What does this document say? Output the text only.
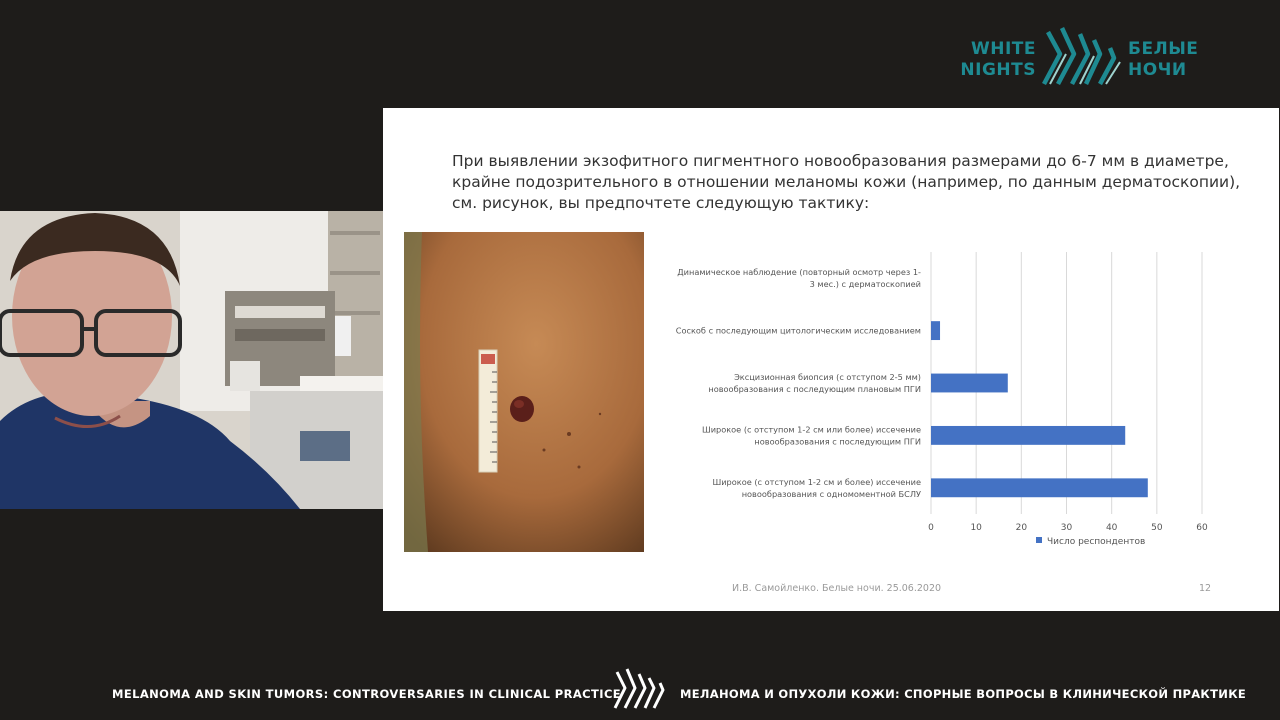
WHITE
NIGHTS
БЕЛЫЕ
НОЧИ

При выявлении экзофитного пигментного новообразования размерами до 6-7 мм в диаметре, крайне подозрительного в отношении меланомы кожи (например, по данным дерматоскопии), см. рисунок, вы предпочтете следующую тактику:

0	10	20	30	40	50	60
Динамическое наблюдение (повторный осмотр через 1-
3 мес.) с дерматоскопией
Соскоб с последующим цитологическим исследованием
Эксцизионная биопсия (с отступом 2-5 мм)
новообразования с последующим плановым ПГИ
Широкое (с отступом 1-2 см или более) иссечение
новообразования с последующим ПГИ
Широкое (с отступом 1-2 см и более) иссечение
новообразования с одномоментной БСЛУ
Число респондентов
И.В. Самойленко. Белые ночи. 25.06.2020	12
MELANOMA AND SKIN TUMORS: CONTROVERSARIES IN CLINICAL PRACTICE	МЕЛАНОМА И ОПУХОЛИ КОЖИ: СПОРНЫЕ ВОПРОСЫ В КЛИНИЧЕСКОЙ ПРАКТИКЕ
